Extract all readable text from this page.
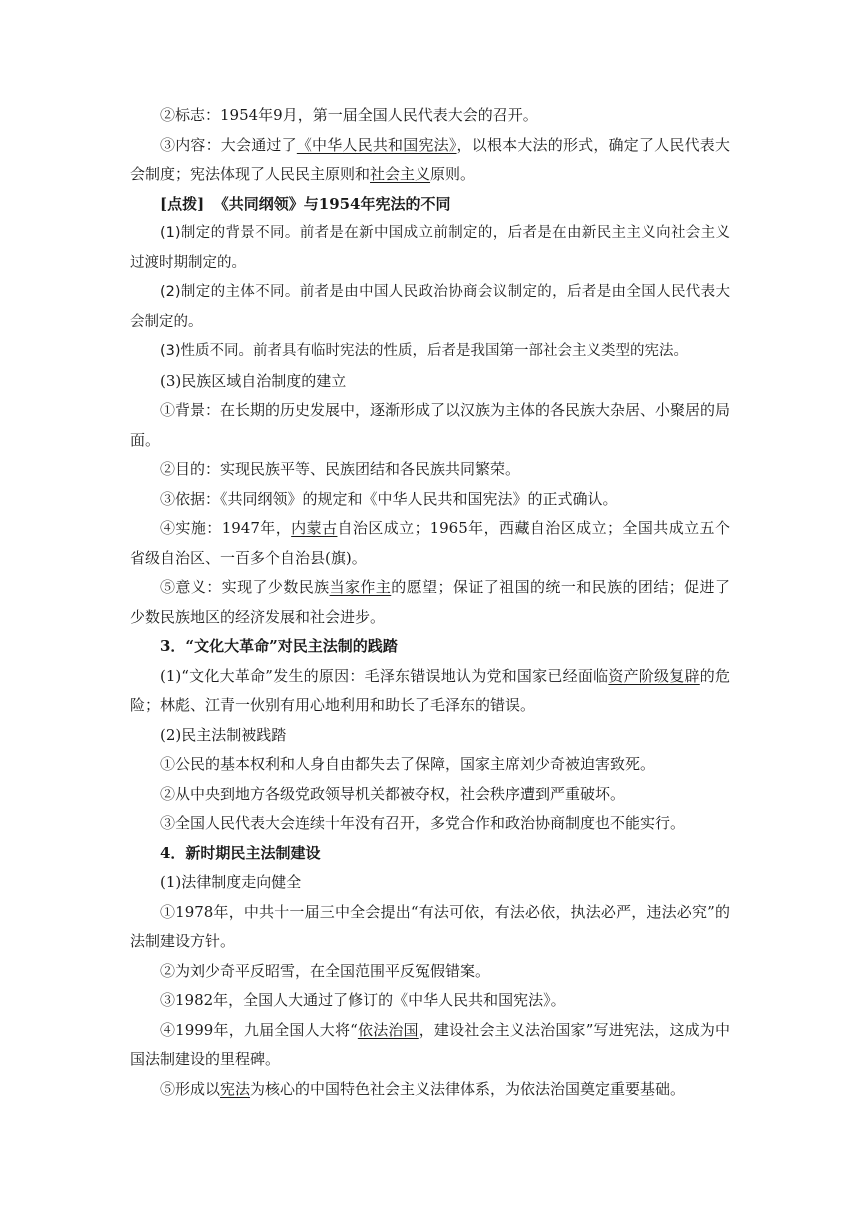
②标志：1954年9月，第一届全国人民代表大会的召开。

③内容：大会通过了《中华人民共和国宪法》，以根本大法的形式，确定了人民代表大会制度；宪法体现了人民民主原则和社会主义原则。

[点拨] 《共同纲领》与1954年宪法的不同

(1)制定的背景不同。前者是在新中国成立前制定的，后者是在由新民主主义向社会主义过渡时期制定的。

(2)制定的主体不同。前者是由中国人民政治协商会议制定的，后者是由全国人民代表大会制定的。

(3)性质不同。前者具有临时宪法的性质，后者是我国第一部社会主义类型的宪法。

(3)民族区域自治制度的建立

①背景：在长期的历史发展中，逐渐形成了以汉族为主体的各民族大杂居、小聚居的局面。

②目的：实现民族平等、民族团结和各民族共同繁荣。

③依据：《共同纲领》的规定和《中华人民共和国宪法》的正式确认。

④实施：1947年，内蒙古自治区成立；1965年，西藏自治区成立；全国共成立五个省级自治区、一百多个自治县(旗)。

⑤意义：实现了少数民族当家作主的愿望；保证了祖国的统一和民族的团结；促进了少数民族地区的经济发展和社会进步。

3．“文化大革命”对民主法制的践踏

(1)“文化大革命”发生的原因：毛泽东错误地认为党和国家已经面临资产阶级复辟的危险；林彪、江青一伙别有用心地利用和助长了毛泽东的错误。

(2)民主法制被践踏

①公民的基本权利和人身自由都失去了保障，国家主席刘少奇被迫害致死。

②从中央到地方各级党政领导机关都被夺权，社会秩序遭到严重破坏。

③全国人民代表大会连续十年没有召开，多党合作和政治协商制度也不能实行。

4．新时期民主法制建设

(1)法律制度走向健全

①1978年，中共十一届三中全会提出“有法可依，有法必依，执法必严，违法必究”的法制建设方针。

②为刘少奇平反昭雪，在全国范围平反冤假错案。

③1982年，全国人大通过了修订的《中华人民共和国宪法》。

④1999年，九届全国人大将“依法治国，建设社会主义法治国家”写进宪法，这成为中国法制建设的里程碑。

⑤形成以宪法为核心的中国特色社会主义法律体系，为依法治国奠定重要基础。
